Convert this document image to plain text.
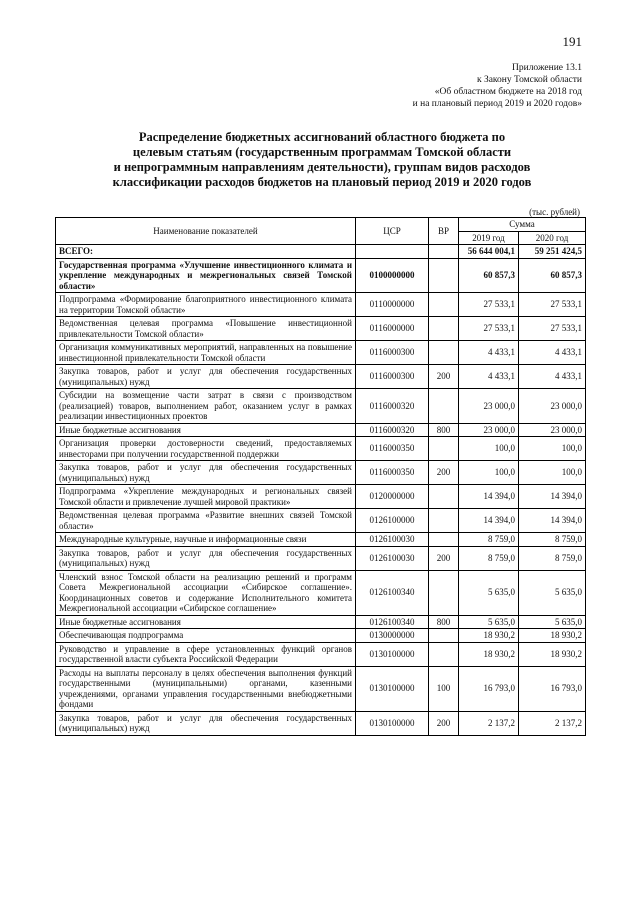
191
Приложение 13.1
к Закону Томской области
«Об областном бюджете на 2018 год
и на плановый период 2019 и 2020 годов»
Распределение бюджетных ассигнований областного бюджета по
целевым статьям (государственным программам Томской области
и непрограммным направлениям деятельности), группам видов расходов
классификации расходов бюджетов на плановый период 2019 и 2020 годов
(тыс. рублей)
Наименование показателей	ЦСР	ВР	Сумма	
			2019 год	2020 год
ВСЕГО:			56 644 004,1	59 251 424,5
Государственная программа «Улучшение инвестиционного климата и укрепление международных и межрегиональных связей Томской области»	0100000000		60 857,3	60 857,3
Подпрограмма «Формирование благоприятного инвестиционного климата на территории Томской области»	0110000000		27 533,1	27 533,1
Ведомственная целевая программа «Повышение инвестиционной привлекательности Томской области»	0116000000		27 533,1	27 533,1
Организация коммуникативных мероприятий, направленных на повышение инвестиционной привлекательности Томской области	0116000300		4 433,1	4 433,1
Закупка товаров, работ и услуг для обеспечения государственных (муниципальных) нужд	0116000300	200	4 433,1	4 433,1
Субсидии на возмещение части затрат в связи с производством (реализацией) товаров, выполнением работ, оказанием услуг в рамках реализации инвестиционных проектов	0116000320		23 000,0	23 000,0
Иные бюджетные ассигнования	0116000320	800	23 000,0	23 000,0
Организация проверки достоверности сведений, предоставляемых инвесторами при получении государственной поддержки	0116000350		100,0	100,0
Закупка товаров, работ и услуг для обеспечения государственных (муниципальных) нужд	0116000350	200	100,0	100,0
Подпрограмма «Укрепление международных и региональных связей Томской области и привлечение лучшей мировой практики»	0120000000		14 394,0	14 394,0
Ведомственная целевая программа «Развитие внешних связей Томской области»	0126100000		14 394,0	14 394,0
Международные культурные, научные и информационные связи	0126100030		8 759,0	8 759,0
Закупка товаров, работ и услуг для обеспечения государственных (муниципальных) нужд	0126100030	200	8 759,0	8 759,0
Членский взнос Томской области на реализацию решений и программ Совета Межрегиональной ассоциации «Сибирское соглашение». Координационных советов и содержание Исполнительного комитета Межрегиональной ассоциации «Сибирское соглашение»	0126100340		5 635,0	5 635,0
Иные бюджетные ассигнования	0126100340	800	5 635,0	5 635,0
Обеспечивающая подпрограмма	0130000000		18 930,2	18 930,2
Руководство и управление в сфере установленных функций органов государственной власти субъекта Российской Федерации	0130100000		18 930,2	18 930,2
Расходы на выплаты персоналу в целях обеспечения выполнения функций государственными (муниципальными) органами, казенными учреждениями, органами управления государственными внебюджетными фондами	0130100000	100	16 793,0	16 793,0
Закупка товаров, работ и услуг для обеспечения государственных (муниципальных) нужд	0130100000	200	2 137,2	2 137,2
